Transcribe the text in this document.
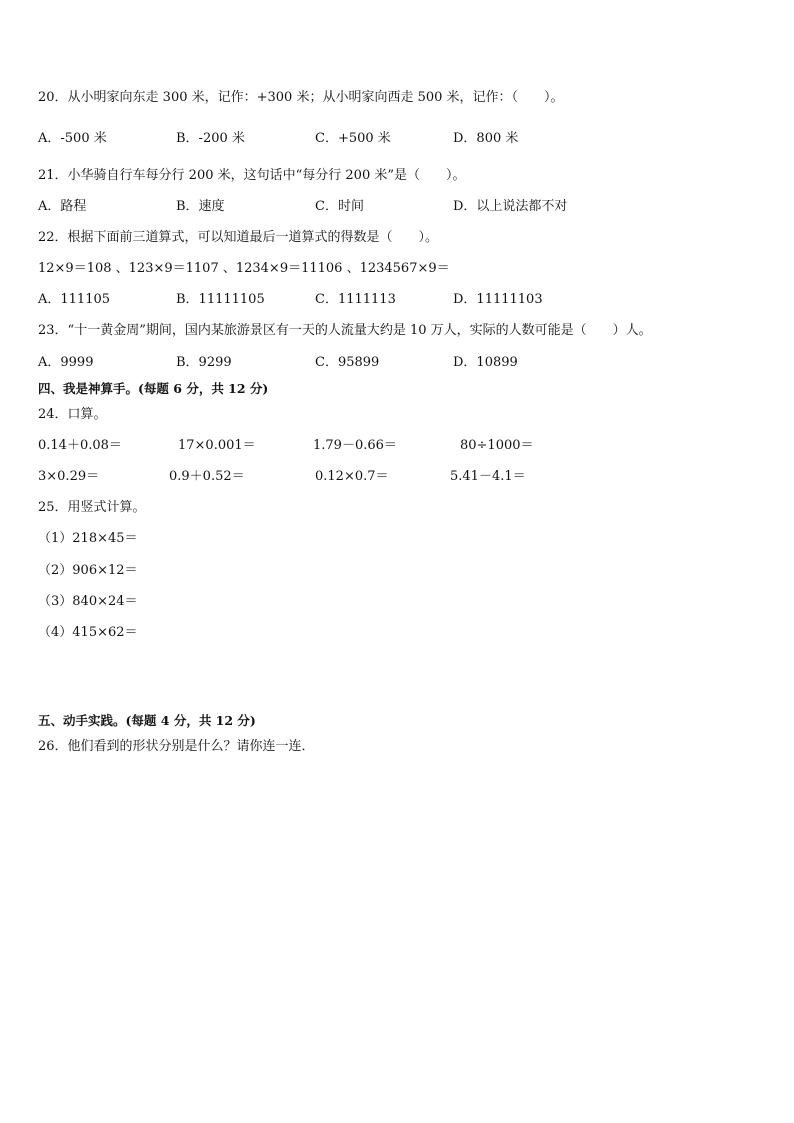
20．从小明家向东走 300 米，记作：+300 米；从小明家向西走 500 米，记作：（　　）。
A．-500 米	B．-200 米	C．+500 米	D．800 米
21．小华骑自行车每分行 200 米，这句话中“每分行 200 米”是（　　）。
A．路程	B．速度	C．时间	D．以上说法都不对
22．根据下面前三道算式，可以知道最后一道算式的得数是（　　）。
12×9＝108 、123×9＝1107 、1234×9＝11106 、1234567×9＝
A．111105	B．11111105	C．1111113	D．11111103
23．“十一黄金周”期间，国内某旅游景区有一天的人流量大约是 10 万人，实际的人数可能是（　　）人。
A．9999	B．9299	C．95899	D．10899
四、我是神算手。(每题 6 分，共 12 分)
24．口算。
0.14＋0.08＝	17×0.001＝	1.79－0.66＝	80÷1000＝
3×0.29＝	0.9＋0.52＝	0.12×0.7＝	5.41－4.1＝
25．用竖式计算。
（1）218×45＝
（2）906×12＝
（3）840×24＝
（4）415×62＝
五、动手实践。(每题 4 分，共 12 分)
26．他们看到的形状分别是什么？请你连一连．
